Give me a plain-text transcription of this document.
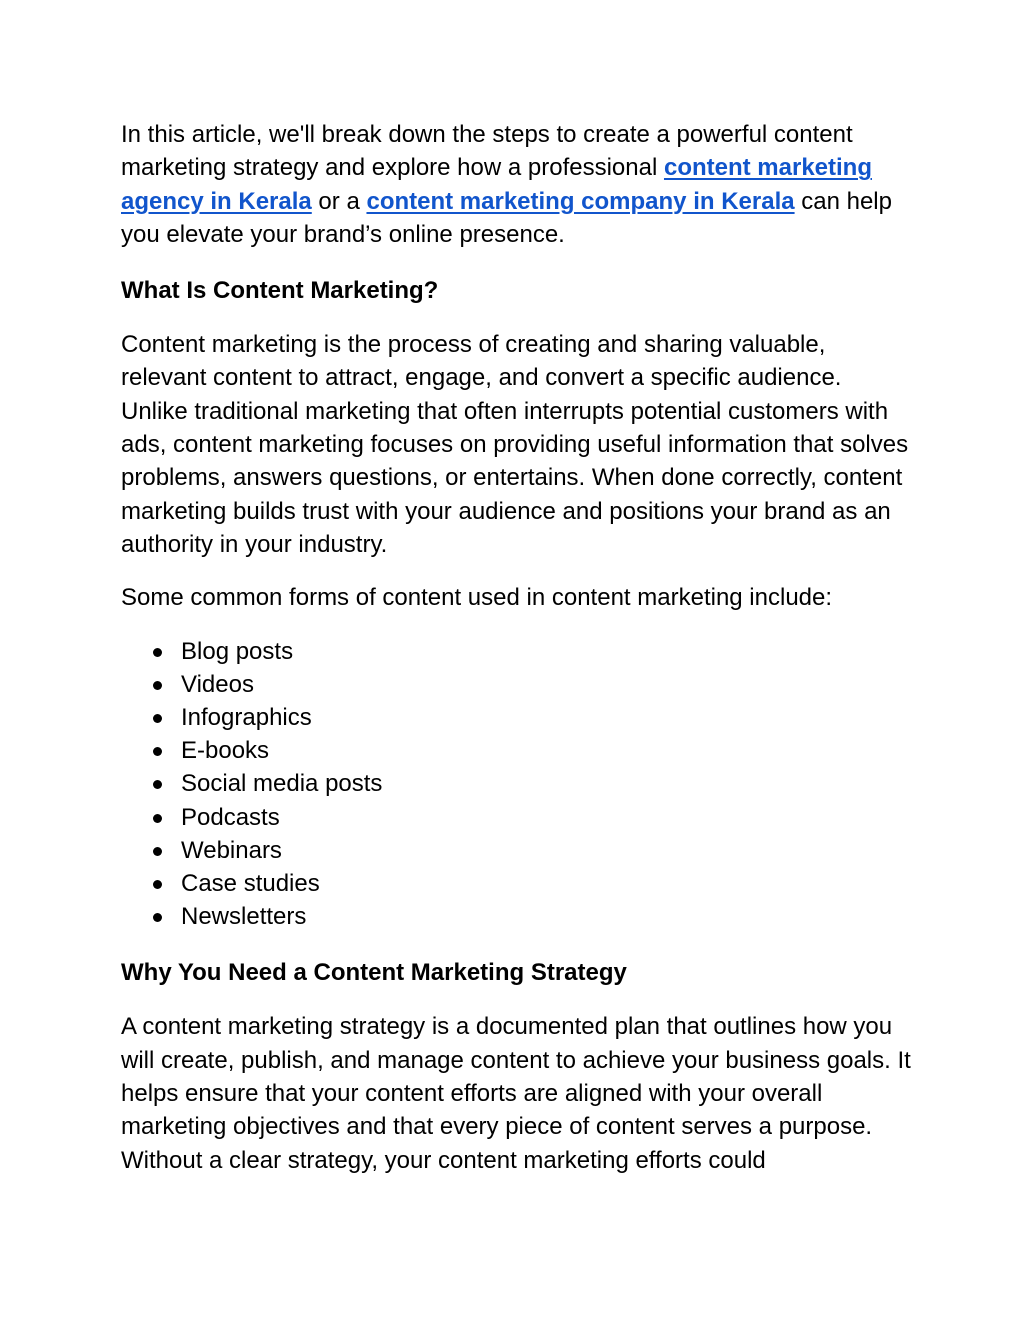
In this article, we'll break down the steps to create a powerful content marketing strategy and explore how a professional content marketing agency in Kerala or a content marketing company in Kerala can help you elevate your brand’s online presence.

What Is Content Marketing?

Content marketing is the process of creating and sharing valuable, relevant content to attract, engage, and convert a specific audience. Unlike traditional marketing that often interrupts potential customers with ads, content marketing focuses on providing useful information that solves problems, answers questions, or entertains. When done correctly, content marketing builds trust with your audience and positions your brand as an authority in your industry.

Some common forms of content used in content marketing include:

Blog posts
Videos
Infographics
E-books
Social media posts
Podcasts
Webinars
Case studies
Newsletters
Why You Need a Content Marketing Strategy

A content marketing strategy is a documented plan that outlines how you will create, publish, and manage content to achieve your business goals. It helps ensure that your content efforts are aligned with your overall marketing objectives and that every piece of content serves a purpose. Without a clear strategy, your content marketing efforts could
